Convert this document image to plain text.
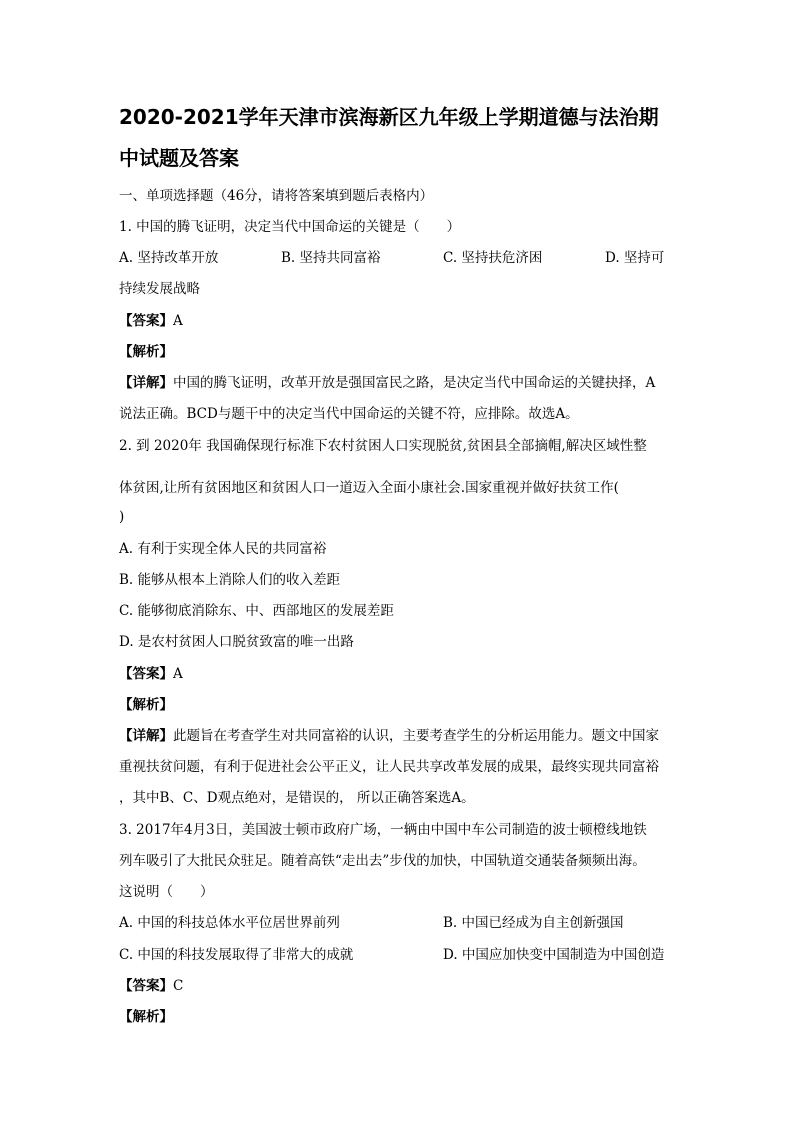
2020-2021学年天津市滨海新区九年级上学期道德与法治期
中试题及答案
一、单项选择题（46分，请将答案填到题后表格内）
1. 中国的腾飞证明，决定当代中国命运的关键是（　　）
A. 坚持改革开放	B. 坚持共同富裕	C. 坚持扶危济困	D. 坚持可
持续发展战略
【答案】A
【解析】
【详解】中国的腾飞证明，改革开放是强国富民之路，是决定当代中国命运的关键抉择，A
说法正确。BCD与题干中的决定当代中国命运的关键不符，应排除。故选A。
2. 到 2020年 我国确保现行标准下农村贫困人口实现脱贫,贫困县全部摘帽,解决区域性整
体贫困,让所有贫困地区和贫困人口一道迈入全面小康社会.国家重视并做好扶贫工作(
)
A. 有利于实现全体人民的共同富裕
B. 能够从根本上消除人们的收入差距
C. 能够彻底消除东、中、西部地区的发展差距
D. 是农村贫困人口脱贫致富的唯一出路
【答案】A
【解析】
【详解】此题旨在考查学生对共同富裕的认识，主要考查学生的分析运用能力。题文中国家
重视扶贫问题，有利于促进社会公平正义，让人民共享改革发展的成果，最终实现共同富裕
，其中B、C、D观点绝对，是错误的， 所以正确答案选A。
3. 2017年4月3日，美国波士顿市政府广场，一辆由中国中车公司制造的波士顿橙线地铁
列车吸引了大批民众驻足。随着高铁“走出去”步伐的加快，中国轨道交通装备频频出海。
这说明（　　）
A. 中国的科技总体水平位居世界前列	B. 中国已经成为自主创新强国
C. 中国的科技发展取得了非常大的成就	D. 中国应加快变中国制造为中国创造
【答案】C
【解析】
